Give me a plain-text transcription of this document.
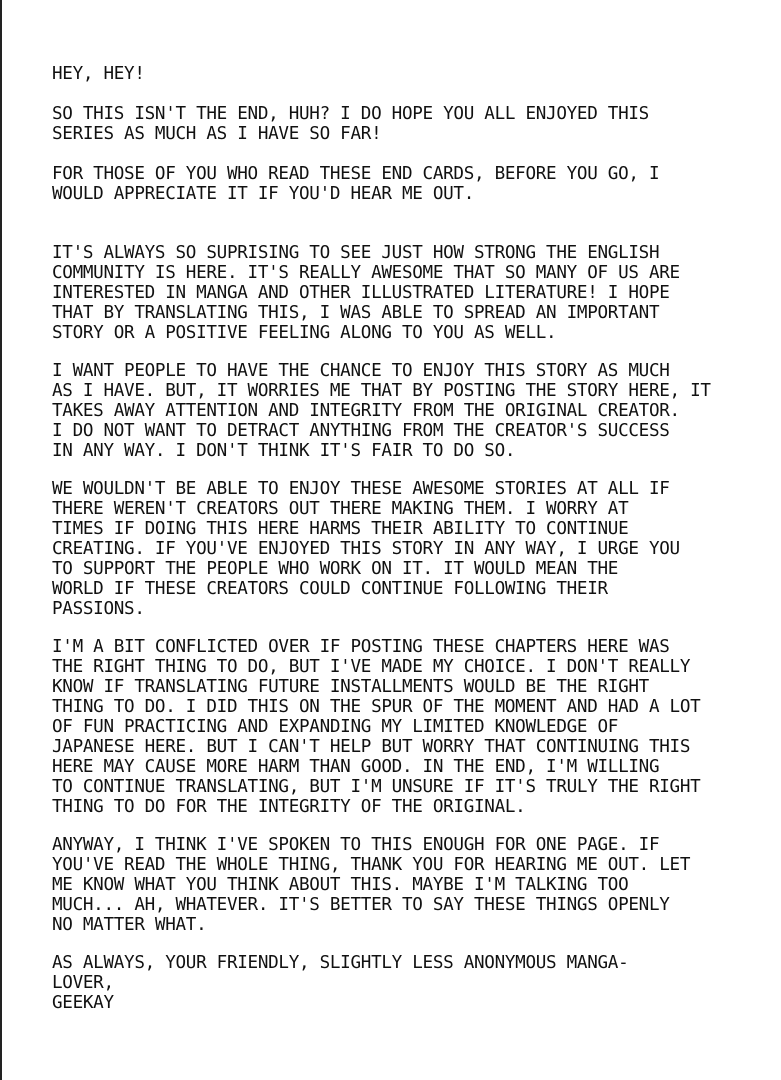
HEY, HEY!

SO THIS ISN'T THE END, HUH? I DO HOPE YOU ALL ENJOYED THIS
SERIES AS MUCH AS I HAVE SO FAR!

FOR THOSE OF YOU WHO READ THESE END CARDS, BEFORE YOU GO, I
WOULD APPRECIATE IT IF YOU'D HEAR ME OUT.

IT'S ALWAYS SO SUPRISING TO SEE JUST HOW STRONG THE ENGLISH
COMMUNITY IS HERE. IT'S REALLY AWESOME THAT SO MANY OF US ARE
INTERESTED IN MANGA AND OTHER ILLUSTRATED LITERATURE! I HOPE
THAT BY TRANSLATING THIS, I WAS ABLE TO SPREAD AN IMPORTANT
STORY OR A POSITIVE FEELING ALONG TO YOU AS WELL.

I WANT PEOPLE TO HAVE THE CHANCE TO ENJOY THIS STORY AS MUCH
AS I HAVE. BUT, IT WORRIES ME THAT BY POSTING THE STORY HERE, IT
TAKES AWAY ATTENTION AND INTEGRITY FROM THE ORIGINAL CREATOR.
I DO NOT WANT TO DETRACT ANYTHING FROM THE CREATOR'S SUCCESS
IN ANY WAY. I DON'T THINK IT'S FAIR TO DO SO.

WE WOULDN'T BE ABLE TO ENJOY THESE AWESOME STORIES AT ALL IF
THERE WEREN'T CREATORS OUT THERE MAKING THEM. I WORRY AT
TIMES IF DOING THIS HERE HARMS THEIR ABILITY TO CONTINUE
CREATING. IF YOU'VE ENJOYED THIS STORY IN ANY WAY, I URGE YOU
TO SUPPORT THE PEOPLE WHO WORK ON IT. IT WOULD MEAN THE
WORLD IF THESE CREATORS COULD CONTINUE FOLLOWING THEIR
PASSIONS.

I'M A BIT CONFLICTED OVER IF POSTING THESE CHAPTERS HERE WAS
THE RIGHT THING TO DO, BUT I'VE MADE MY CHOICE. I DON'T REALLY
KNOW IF TRANSLATING FUTURE INSTALLMENTS WOULD BE THE RIGHT
THING TO DO. I DID THIS ON THE SPUR OF THE MOMENT AND HAD A LOT
OF FUN PRACTICING AND EXPANDING MY LIMITED KNOWLEDGE OF
JAPANESE HERE. BUT I CAN'T HELP BUT WORRY THAT CONTINUING THIS
HERE MAY CAUSE MORE HARM THAN GOOD. IN THE END, I'M WILLING
TO CONTINUE TRANSLATING, BUT I'M UNSURE IF IT'S TRULY THE RIGHT
THING TO DO FOR THE INTEGRITY OF THE ORIGINAL.

ANYWAY, I THINK I'VE SPOKEN TO THIS ENOUGH FOR ONE PAGE. IF
YOU'VE READ THE WHOLE THING, THANK YOU FOR HEARING ME OUT. LET
ME KNOW WHAT YOU THINK ABOUT THIS. MAYBE I'M TALKING TOO
MUCH... AH, WHATEVER. IT'S BETTER TO SAY THESE THINGS OPENLY
NO MATTER WHAT.

AS ALWAYS, YOUR FRIENDLY, SLIGHTLY LESS ANONYMOUS MANGA-
LOVER,
GEEKAY
